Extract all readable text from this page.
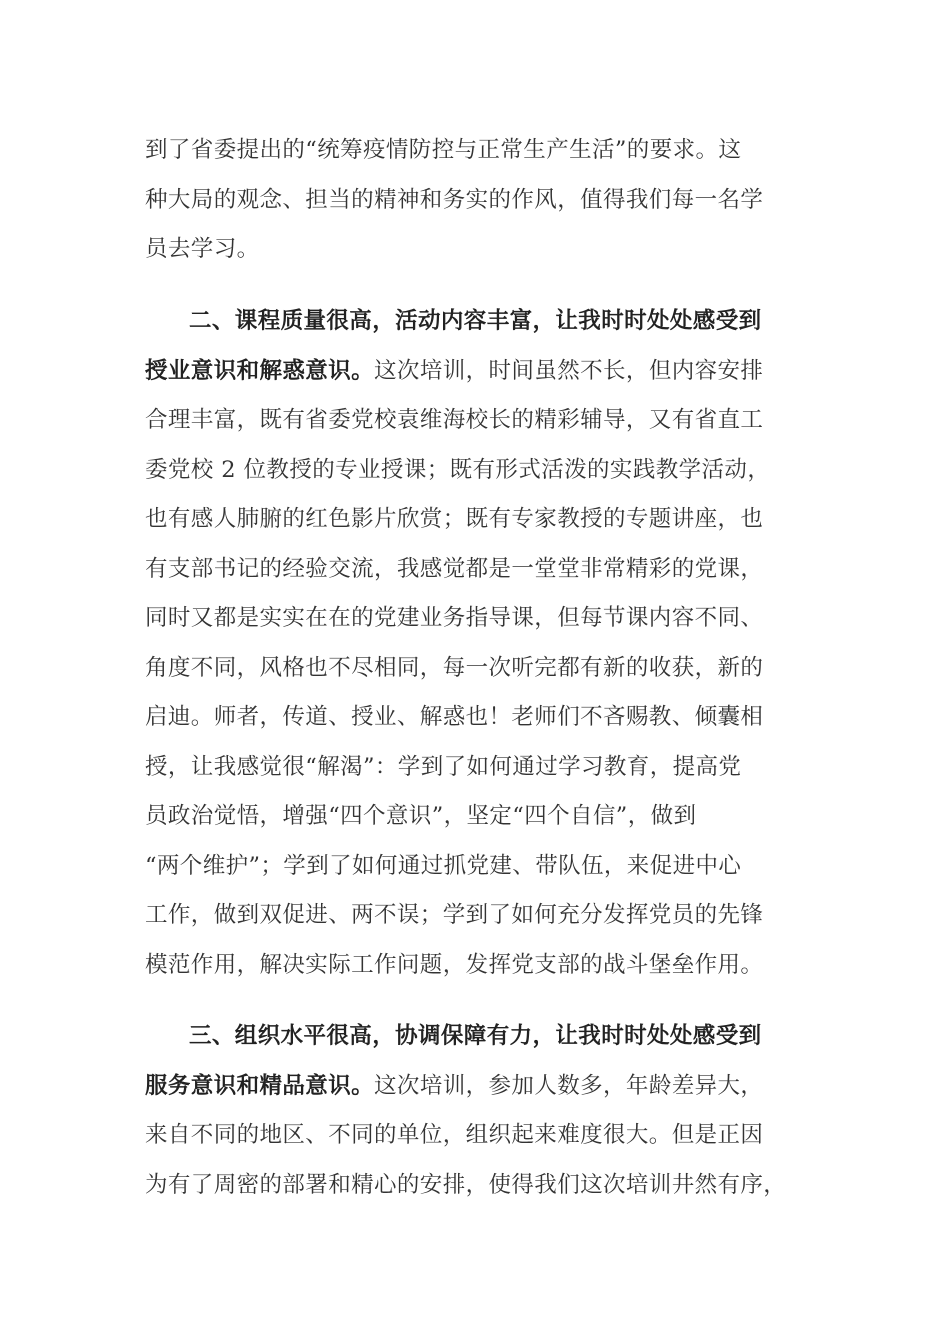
到了省委提出的“统筹疫情防控与正常生产生活”的要求。这
种大局的观念、担当的精神和务实的作风，值得我们每一名学
员去学习。
二、课程质量很高，活动内容丰富，让我时时处处感受到
授业意识和解惑意识。这次培训，时间虽然不长，但内容安排
合理丰富，既有省委党校袁维海校长的精彩辅导，又有省直工
委党校 2 位教授的专业授课；既有形式活泼的实践教学活动，
也有感人肺腑的红色影片欣赏；既有专家教授的专题讲座，也
有支部书记的经验交流，我感觉都是一堂堂非常精彩的党课，
同时又都是实实在在的党建业务指导课，但每节课内容不同、
角度不同，风格也不尽相同，每一次听完都有新的收获，新的
启迪。师者，传道、授业、解惑也！老师们不吝赐教、倾囊相
授，让我感觉很“解渴”：学到了如何通过学习教育，提高党
员政治觉悟，增强“四个意识”，坚定“四个自信”，做到
“两个维护”；学到了如何通过抓党建、带队伍，来促进中心
工作，做到双促进、两不误；学到了如何充分发挥党员的先锋
模范作用，解决实际工作问题，发挥党支部的战斗堡垒作用。
三、组织水平很高，协调保障有力，让我时时处处感受到
服务意识和精品意识。这次培训，参加人数多，年龄差异大，
来自不同的地区、不同的单位，组织起来难度很大。但是正因
为有了周密的部署和精心的安排，使得我们这次培训井然有序，
